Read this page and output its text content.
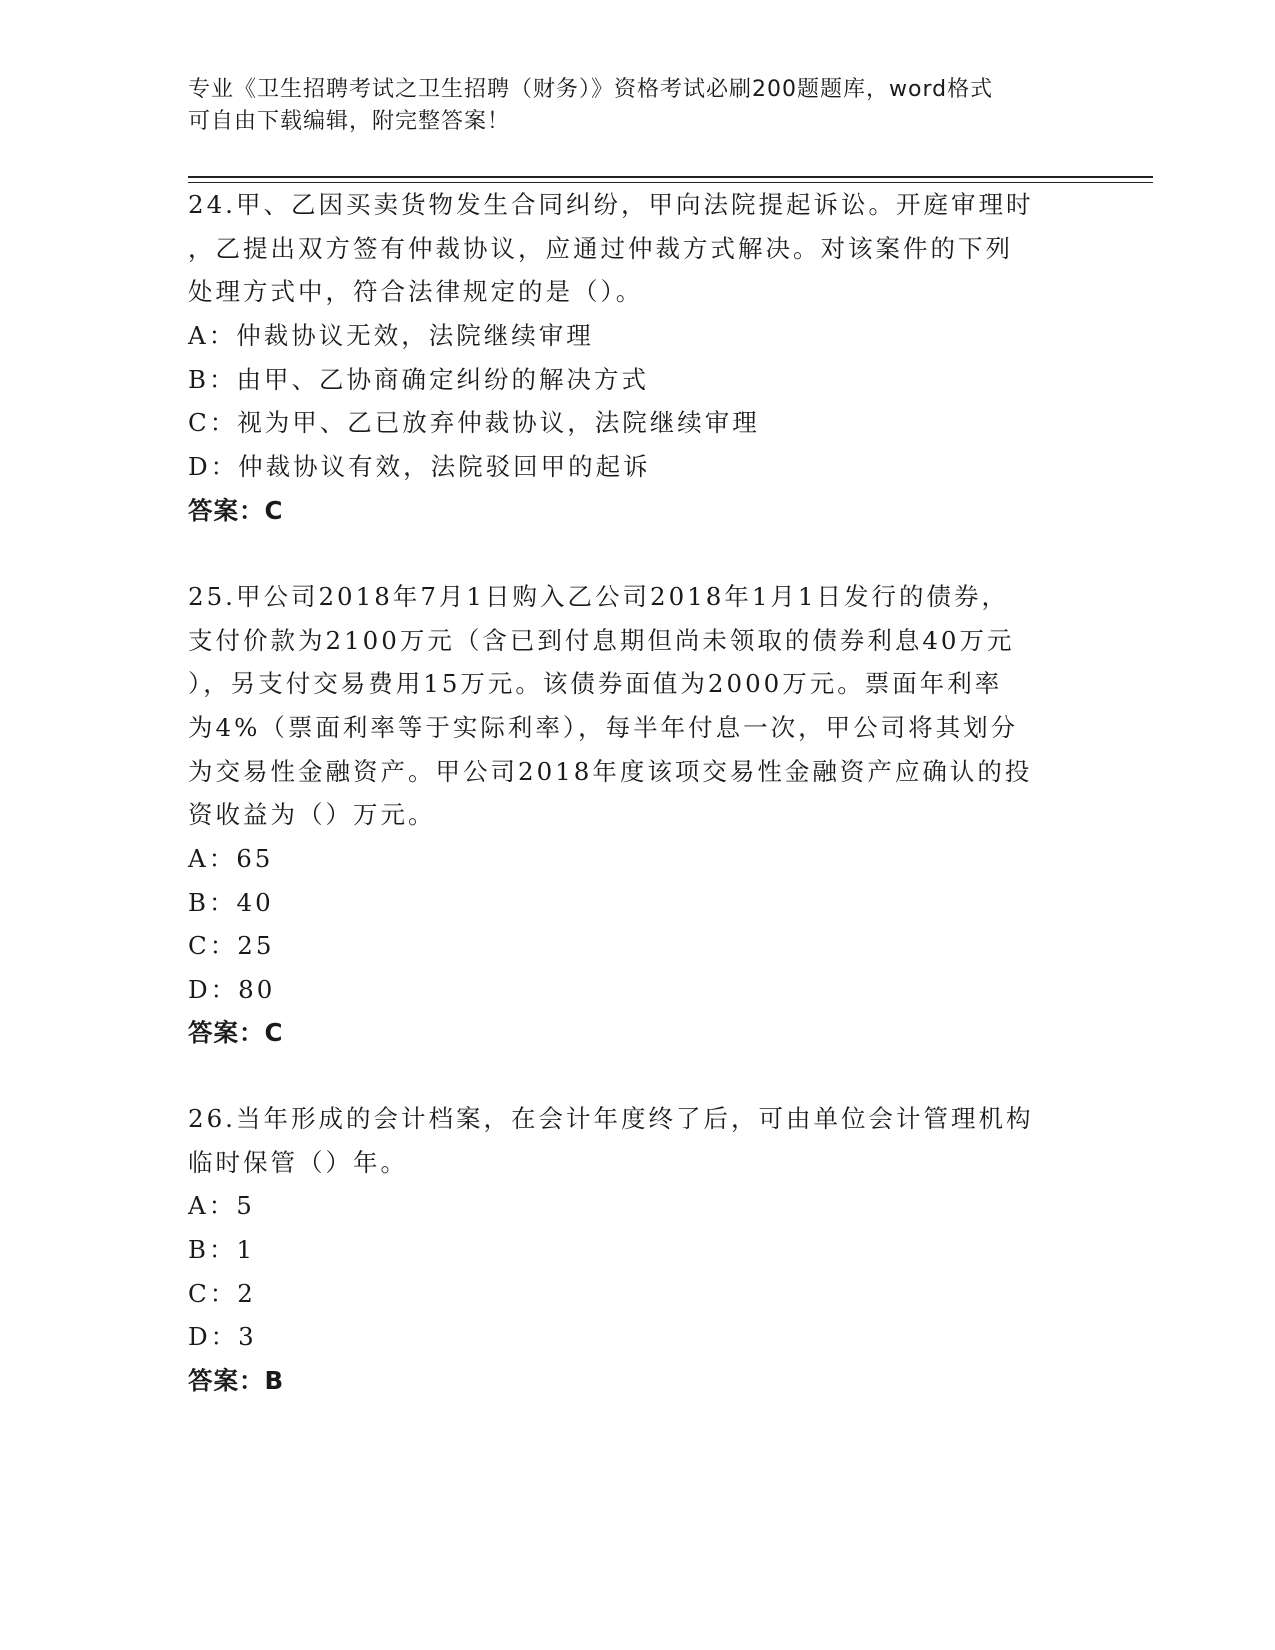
专业《卫生招聘考试之卫生招聘（财务）》资格考试必刷200题题库，word格式
可自由下载编辑，附完整答案！
24.甲、乙因买卖货物发生合同纠纷，甲向法院提起诉讼。开庭审理时
，乙提出双方签有仲裁协议，应通过仲裁方式解决。对该案件的下列
处理方式中，符合法律规定的是（）。
A：仲裁协议无效，法院继续审理
B：由甲、乙协商确定纠纷的解决方式
C：视为甲、乙已放弃仲裁协议，法院继续审理
D：仲裁协议有效，法院驳回甲的起诉
答案：C
25.甲公司2018年7月1日购入乙公司2018年1月1日发行的债券，
支付价款为2100万元（含已到付息期但尚未领取的债券利息40万元
），另支付交易费用15万元。该债券面值为2000万元。票面年利率
为4%（票面利率等于实际利率），每半年付息一次，甲公司将其划分
为交易性金融资产。甲公司2018年度该项交易性金融资产应确认的投
资收益为（）万元。
A：65
B：40
C：25
D：80
答案：C
26.当年形成的会计档案，在会计年度终了后，可由单位会计管理机构
临时保管（）年。
A：5
B：1
C：2
D：3
答案：B
